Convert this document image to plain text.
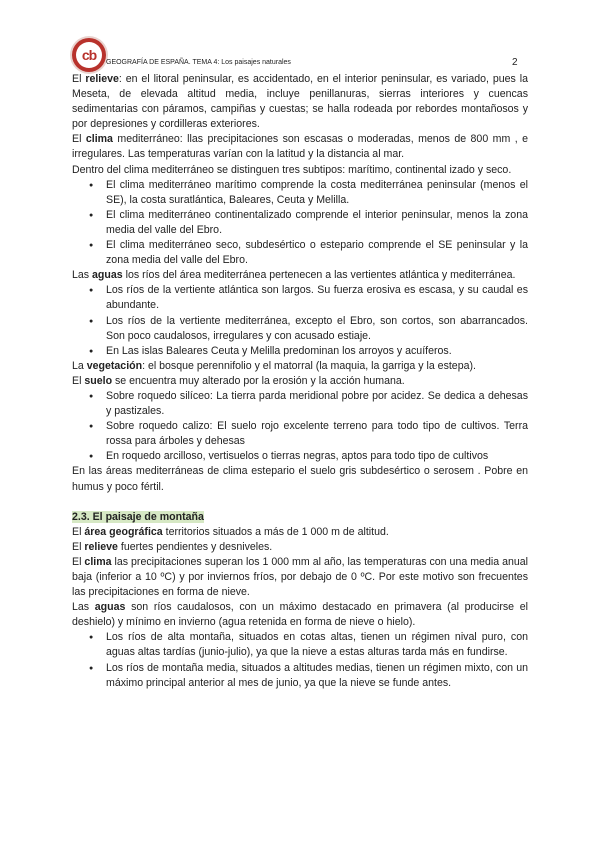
cb	GEOGRAFÍA DE ESPAÑA. TEMA 4: Los paisajes naturales	2

El relieve: en el litoral peninsular, es accidentado, en el interior peninsular, es variado, pues la Meseta, de elevada altitud media, incluye penillanuras, sierras interiores y cuencas sedimentarias con páramos, campiñas y cuestas; se halla rodeada por rebordes montañosos y por depresiones y cordilleras exteriores.

El clima mediterráneo: llas precipitaciones son escasas o moderadas, menos de 800 mm , e irregulares. Las temperaturas varían con la latitud y la distancia al mar.

Dentro del clima mediterráneo se distinguen tres subtipos: marítimo, continental izado y seco.

● El clima mediterráneo marítimo comprende la costa mediterránea peninsular (menos el SE), la costa suratlántica, Baleares, Ceuta y Melilla.
● El clima mediterráneo continentalizado comprende el interior peninsular, menos la zona media del valle del Ebro.
● El clima mediterráneo seco, subdesértico o estepario comprende el SE peninsular y la zona media del valle del Ebro.

Las aguas los ríos del área mediterránea pertenecen a las vertientes atlántica y mediterránea.

● Los ríos de la vertiente atlántica son largos. Su fuerza erosiva es escasa, y su caudal es abundante.
● Los ríos de la vertiente mediterránea, excepto el Ebro, son cortos, son abarrancados. Son poco caudalosos, irregulares y con acusado estiaje.
● En Las islas Baleares Ceuta y Melilla predominan los arroyos y acuíferos.

La vegetación: el bosque perennifolio y el matorral (la maquia, la garriga y la estepa).

El suelo se encuentra muy alterado por la erosión y la acción humana.

● Sobre roquedo silíceo: La tierra parda meridional pobre por acidez. Se dedica a dehesas y pastizales.
● Sobre roquedo calizo: El suelo rojo excelente terreno para todo tipo de cultivos. Terra rossa para árboles y dehesas
● En roquedo arcilloso, vertisuelos o tierras negras, aptos para todo tipo de cultivos

En las áreas mediterráneas de clima estepario el suelo gris subdesértico o serosem . Pobre en humus y poco fértil.

2.3. El paisaje de montaña

El área geográfica territorios situados a más de 1 000 m de altitud.

El relieve fuertes pendientes y desniveles.

El clima las precipitaciones superan los 1 000 mm al año, las temperaturas con una media anual baja (inferior a 10 ºC) y por inviernos fríos, por debajo de 0 ºC. Por este motivo son frecuentes las precipitaciones en forma de nieve.

Las aguas son ríos caudalosos, con un máximo destacado en primavera (al producirse el deshielo) y mínimo en invierno (agua retenida en forma de nieve o hielo).

● Los ríos de alta montaña, situados en cotas altas, tienen un régimen nival puro, con aguas altas tardías (junio-julio), ya que la nieve a estas alturas tarda más en fundirse.
● Los ríos de montaña media, situados a altitudes medias, tienen un régimen mixto, con un máximo principal anterior al mes de junio, ya que la nieve se funde antes.
